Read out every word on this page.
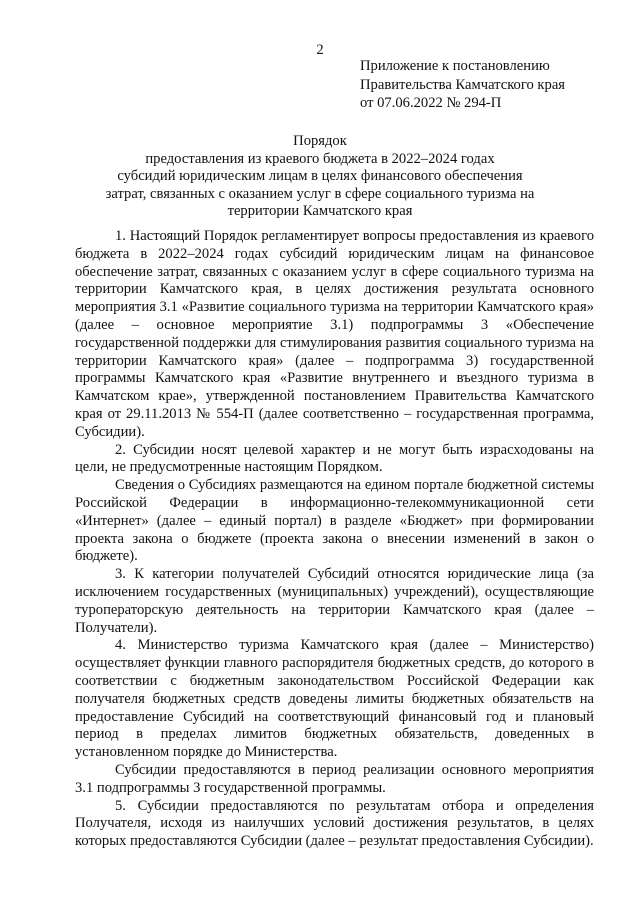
2
Приложение к постановлению
Правительства Камчатского края
от 07.06.2022 № 294-П
Порядок
предоставления из краевого бюджета в 2022–2024 годах
субсидий юридическим лицам в целях финансового обеспечения
затрат, связанных с оказанием услуг в сфере социального туризма на
территории Камчатского края

1. Настоящий Порядок регламентирует вопросы предоставления из краевого бюджета в 2022–2024 годах субсидий юридическим лицам на финансовое обеспечение затрат, связанных с оказанием услуг в сфере социального туризма на территории Камчатского края, в целях достижения результата основного мероприятия 3.1 «Развитие социального туризма на территории Камчатского края» (далее – основное мероприятие 3.1) подпрограммы 3 «Обеспечение государственной поддержки для стимулирования развития социального туризма на территории Камчатского края» (далее – подпрограмма 3) государственной программы Камчатского края «Развитие внутреннего и въездного туризма в Камчатском крае», утвержденной постановлением Правительства Камчатского края от 29.11.2013 № 554-П (далее соответственно – государственная программа, Субсидии).

2. Субсидии носят целевой характер и не могут быть израсходованы на цели, не предусмотренные настоящим Порядком.

Сведения о Субсидиях размещаются на едином портале бюджетной системы Российской Федерации в информационно-телекоммуникационной сети «Интернет» (далее – единый портал) в разделе «Бюджет» при формировании проекта закона о бюджете (проекта закона о внесении изменений в закон о бюджете).

3. К категории получателей Субсидий относятся юридические лица (за исключением государственных (муниципальных) учреждений), осуществляющие туроператорскую деятельность на территории Камчатского края (далее – Получатели).

4. Министерство туризма Камчатского края (далее – Министерство) осуществляет функции главного распорядителя бюджетных средств, до которого в соответствии с бюджетным законодательством Российской Федерации как получателя бюджетных средств доведены лимиты бюджетных обязательств на предоставление Субсидий на соответствующий финансовый год и плановый период в пределах лимитов бюджетных обязательств, доведенных в установленном порядке до Министерства.

Субсидии предоставляются в период реализации основного мероприятия 3.1 подпрограммы 3 государственной программы.

5. Субсидии предоставляются по результатам отбора и определения Получателя, исходя из наилучших условий достижения результатов, в целях которых предоставляются Субсидии (далее – результат предоставления Субсидии).
